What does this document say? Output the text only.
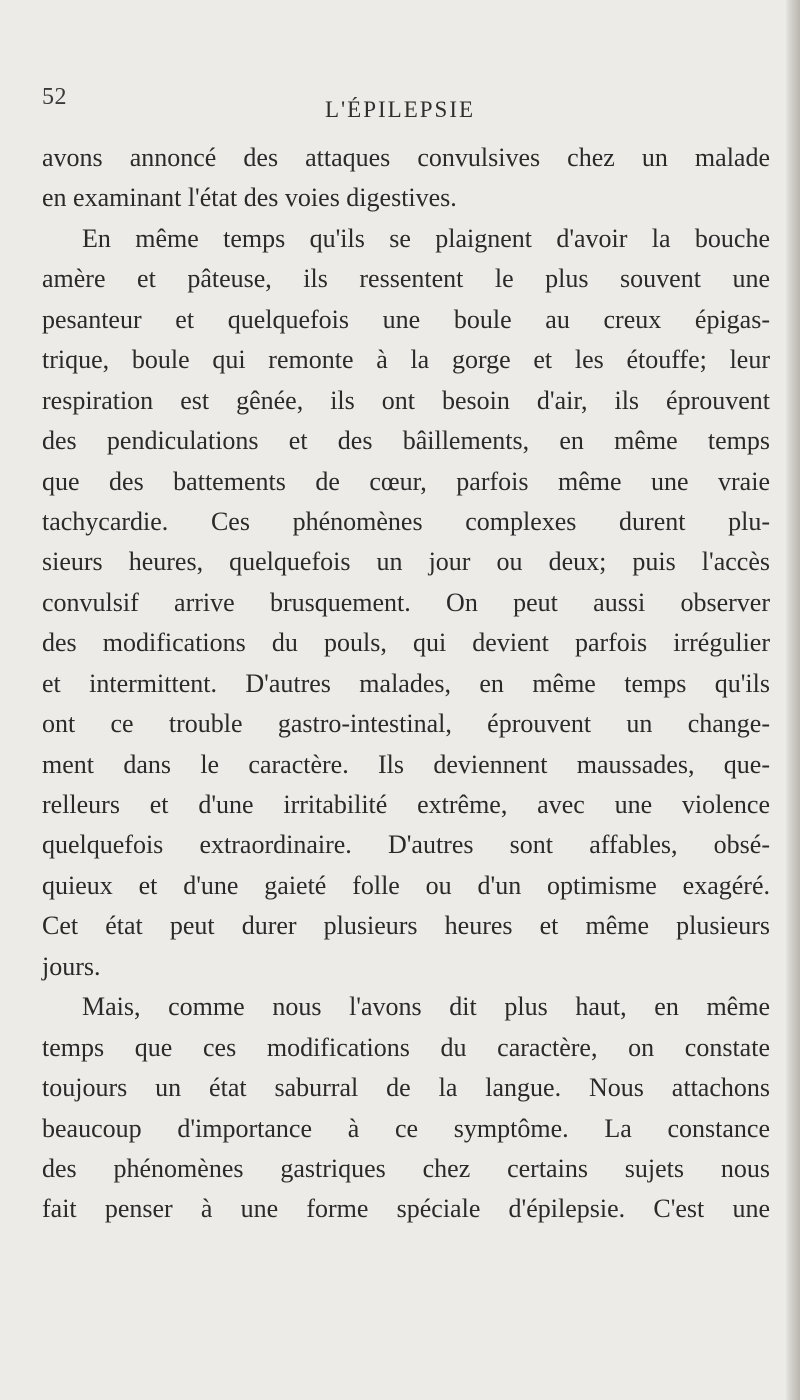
52	L'ÉPILEPSIE
avons annoncé des attaques convulsives chez un malade
en examinant l'état des voies digestives.
En même temps qu'ils se plaignent d'avoir la bouche
amère et pâteuse, ils ressentent le plus souvent une
pesanteur et quelquefois une boule au creux épigas-
trique, boule qui remonte à la gorge et les étouffe; leur
respiration est gênée, ils ont besoin d'air, ils éprouvent
des pendiculations et des bâillements, en même temps
que des battements de cœur, parfois même une vraie
tachycardie. Ces phénomènes complexes durent plu-
sieurs heures, quelquefois un jour ou deux; puis l'accès
convulsif arrive brusquement. On peut aussi observer
des modifications du pouls, qui devient parfois irrégulier
et intermittent. D'autres malades, en même temps qu'ils
ont ce trouble gastro-intestinal, éprouvent un change-
ment dans le caractère. Ils deviennent maussades, que-
relleurs et d'une irritabilité extrême, avec une violence
quelquefois extraordinaire. D'autres sont affables, obsé-
quieux et d'une gaieté folle ou d'un optimisme exagéré.
Cet état peut durer plusieurs heures et même plusieurs
jours.
Mais, comme nous l'avons dit plus haut, en même
temps que ces modifications du caractère, on constate
toujours un état saburral de la langue. Nous attachons
beaucoup d'importance à ce symptôme. La constance
des phénomènes gastriques chez certains sujets nous
fait penser à une forme spéciale d'épilepsie. C'est une
